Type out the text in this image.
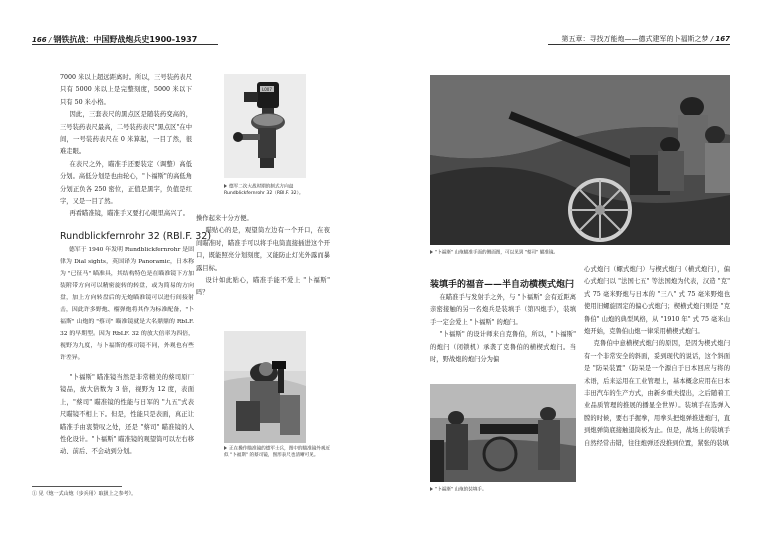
166 / 钢铁抗战：中国野战炮兵史1900-1937	第五章：寻找万能炮——德式建军的卜福斯之梦 / 167

7000 米以上超远距离时。所以，三号装药表尺只有 5000 米以上是完整刻度，5000 米以下只有 50 米小格。

因此，三套表尺的黑点区是随装药变高的，三号装药表尺最高，二号装药表尺"黑点区"在中间，一号装药表尺在 0 米算起，一目了然，很难走眼。

在表尺之外，瞄准手还要装定（调整）高低分划。高低分划是也由轮心，"卜福斯"的高低角分划正负各 250 密位，正值是黑字，负值是红字，又是一目了然。

再看瞄准镜，瞄准手又要打心眼里高兴了。

L007
德军二次大战时期的制式方向盘Rundblickfernrohr 32（RBl.F. 32）。
Rundblickfernrohr 32 (RBl.F. 32)

德军于 1940 年发明 Rundblickfernrohr 是固律为 Dial sights，英国译为 Panoramic，日本称为 "已征马" 瞄准具，其结构特色是在瞄准镜下方加装附带方向可以精密旋转的转盘，或为简易的方向盘，加上方向转盘后的无炮瞄准镜可以进行间接射击，因此许多野炮、榴弹炮将其作为标准配备，"卜福斯" 山炮的 "蔡司" 瞄准镜就是大名鼎鼎的 RbLF. 32 的早期型。因为 RbLF. 32 的放大倍率为四倍，视野为九度，与卜福斯的蔡司镜不同，外观也有些许差异。

"卜福斯" 瞄准镜当然是非常精美的蔡司原厂镜品，放大倍数为 3 倍，视野为 12 度，表面上，"蔡司" 瞄准镜的性能与日军的 "九五"式表尺瞄镜不相上下。但是，性能只是表面，真正让瞄准手由衷赞叹之处，还是 "蔡司" 瞄准镜的人性化设计。"卜福斯" 瞄准镜的观望筒可以左右移动、前后、不会动到分划。

① 见《炮一式山炮（步兵用）取扱上之参考》。

操作起来十分方便。

瞄贴心的是，观望筒左边有一个开口，在夜间瞄准时，瞄准手可以将手电筒直接插进这个开口，既能照亮分划刻度，又能防止灯光外露而暴露目标。

设计如此贴心，瞄准手能不爱上 "卜福斯" 吗？

正在操作瞄准镜的德军士兵，图中的瞄准镜外观近似 "卜福斯" 的蔡司镜，图形表尺也清晰可见。
"卜福斯" 山炮瞄准手面的侧面图，可以见到 "蔡司" 瞄准镜。
装填手的福音——半自动横楔式炮闩

在瞄准手与发射手之外，与 "卜福斯" 会有近距离亲密接触的另一名炮兵是装填手（第四炮手），装填手一定会爱上 "卜福斯" 的炮闩。

"卜福斯" 的设计师来自克鲁伯，所以，"卜福斯" 的炮闩（闭锁机）承袭了克鲁伯的横楔式炮闩。当时，野战炮的炮闩分为偏

"卜福斯" 山炮的装填手。

心式炮闩（螺式炮闩）与楔式炮闩（横式炮闩），偏心式炮闩以 "法国七五" 等法国炮为代表，汉造 "克" 式 75 毫米野炮与日本的 "三八" 式 75 毫米野炮也使用旧螺旋固定的偏心式炮闩；楔横式炮闩则是 "克鲁伯" 山炮的典型风格，从 "1910 年" 式 75 毫米山炮开始，克鲁伯山炮一律采用横楔式炮闩。

克鲁伯中意横楔式炮闩的原因，是因为楔式炮闩有一个非常安全的斜面，妥到现代的说话，这个斜面是 "防呆装置"（防呆是一个源自于日本回应与将的术语，后来运用在工业管理上，基本概念应用在日本丰田汽车的生产方式，由新乡重夫提出，之后随着工业品质管理的推展的播显全世界）。装填手在选弹入膛的时候，要右手握拳，用拳头把炮弹推进炮闩，直到炮弹筒底接触退筒板为止。但是，战场上的装填手自然经常击错，往往炮弹还没推到位置，紧张的装填
